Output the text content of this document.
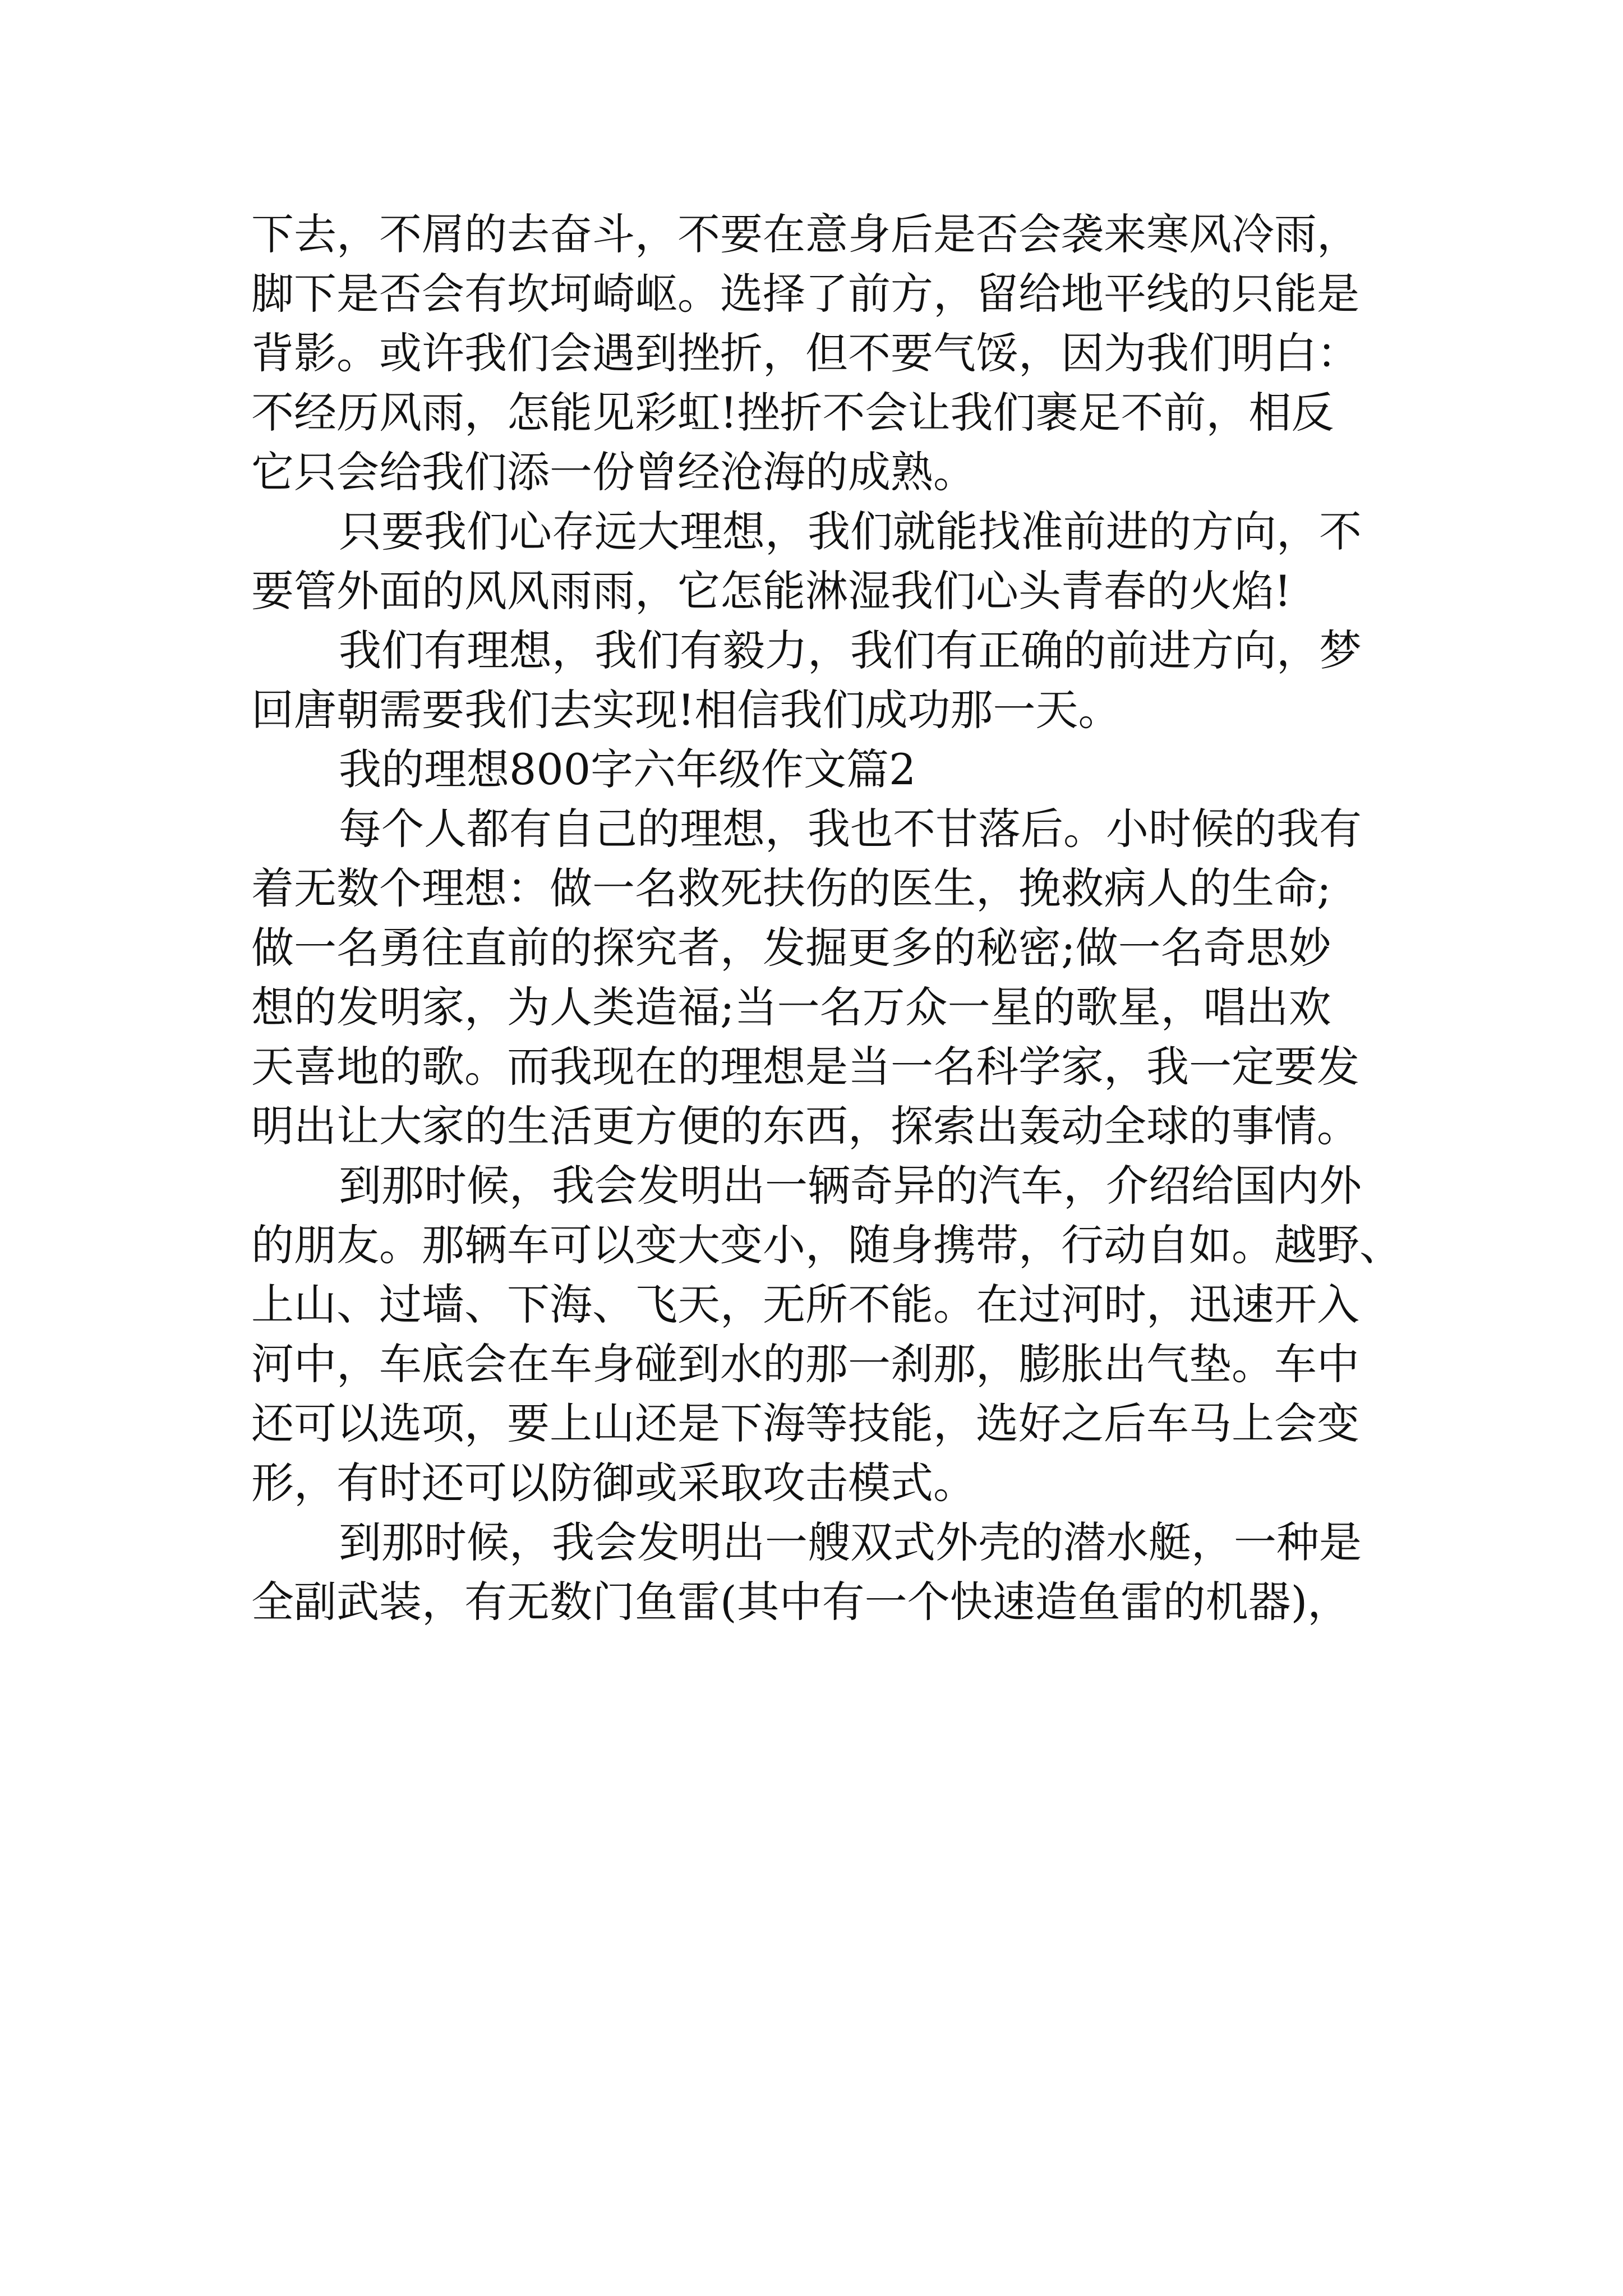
下去，不屑的去奋斗，不要在意身后是否会袭来寒风冷雨，
脚下是否会有坎坷崎岖。选择了前方，留给地平线的只能是
背影。或许我们会遇到挫折，但不要气馁，因为我们明白：
不经历风雨，怎能见彩虹!挫折不会让我们裹足不前，相反
它只会给我们添一份曾经沧海的成熟。
只要我们心存远大理想，我们就能找准前进的方向，不
要管外面的风风雨雨，它怎能淋湿我们心头青春的火焰!
我们有理想，我们有毅力，我们有正确的前进方向，梦
回唐朝需要我们去实现!相信我们成功那一天。
我的理想800字六年级作文篇2
每个人都有自己的理想，我也不甘落后。小时候的我有
着无数个理想：做一名救死扶伤的医生，挽救病人的生命;
做一名勇往直前的探究者，发掘更多的秘密;做一名奇思妙
想的发明家，为人类造福;当一名万众一星的歌星，唱出欢
天喜地的歌。而我现在的理想是当一名科学家，我一定要发
明出让大家的生活更方便的东西，探索出轰动全球的事情。
到那时候，我会发明出一辆奇异的汽车，介绍给国内外
的朋友。那辆车可以变大变小，随身携带，行动自如。越野、
上山、过墙、下海、飞天，无所不能。在过河时，迅速开入
河中，车底会在车身碰到水的那一刹那，膨胀出气垫。车中
还可以选项，要上山还是下海等技能，选好之后车马上会变
形，有时还可以防御或采取攻击模式。
到那时候，我会发明出一艘双式外壳的潜水艇，一种是
全副武装，有无数门鱼雷(其中有一个快速造鱼雷的机器)，
